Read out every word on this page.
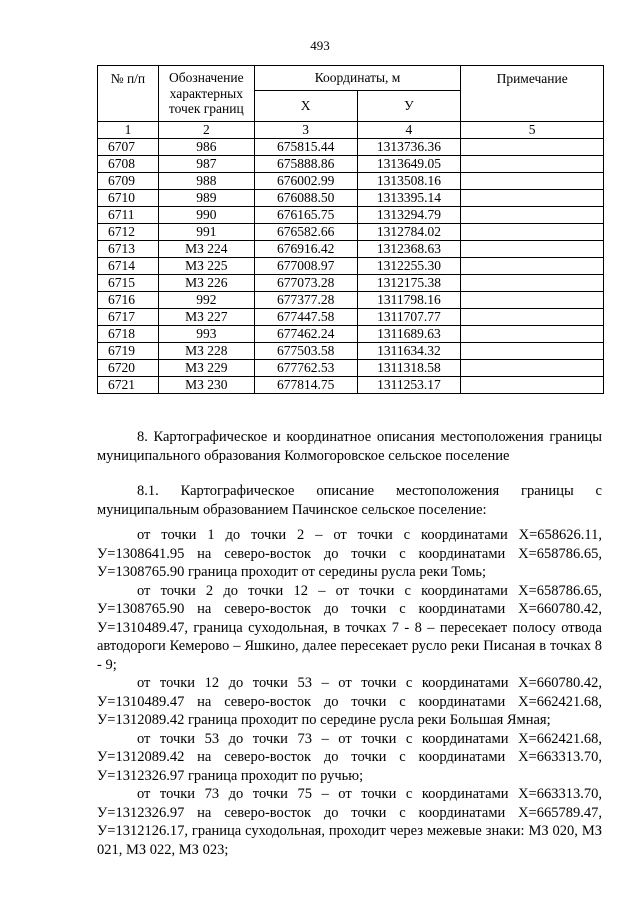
493
№ п/п	Обозначение характерных точек границ	Координаты, м		Примечание
		Х	У	
1	2	3	4	5
6707	986	675815.44	1313736.36	
6708	987	675888.86	1313649.05	
6709	988	676002.99	1313508.16	
6710	989	676088.50	1313395.14	
6711	990	676165.75	1313294.79	
6712	991	676582.66	1312784.02	
6713	МЗ 224	676916.42	1312368.63	
6714	МЗ 225	677008.97	1312255.30	
6715	МЗ 226	677073.28	1312175.38	
6716	992	677377.28	1311798.16	
6717	МЗ 227	677447.58	1311707.77	
6718	993	677462.24	1311689.63	
6719	МЗ 228	677503.58	1311634.32	
6720	МЗ 229	677762.53	1311318.58	
6721	МЗ 230	677814.75	1311253.17	

8. Картографическое и координатное описания местоположения границы муниципального образования Колмогоровское сельское поселение

8.1. Картографическое описание местоположения границы с муниципальным образованием Пачинское сельское поселение:

от точки 1 до точки 2 – от точки с координатами Х=658626.11, У=1308641.95 на северо-восток до точки с координатами Х=658786.65, У=1308765.90 граница проходит от середины русла реки Томь;

от точки 2 до точки 12 – от точки с координатами Х=658786.65, У=1308765.90 на северо-восток до точки с координатами Х=660780.42, У=1310489.47, граница суходольная, в точках 7 - 8 – пересекает полосу отвода автодороги Кемерово – Яшкино, далее пересекает русло реки Писаная в точках 8 - 9;

от точки 12 до точки 53 – от точки с координатами Х=660780.42, У=1310489.47 на северо-восток до точки с координатами Х=662421.68, У=1312089.42 граница проходит по середине русла реки Большая Ямная;

от точки 53 до точки 73 – от точки с координатами Х=662421.68, У=1312089.42 на северо-восток до точки с координатами Х=663313.70, У=1312326.97 граница проходит по ручью;

от точки 73 до точки 75 – от точки с координатами Х=663313.70, У=1312326.97 на северо-восток до точки с координатами Х=665789.47, У=1312126.17, граница суходольная, проходит через межевые знаки: МЗ 020, МЗ 021, МЗ 022, МЗ 023;
